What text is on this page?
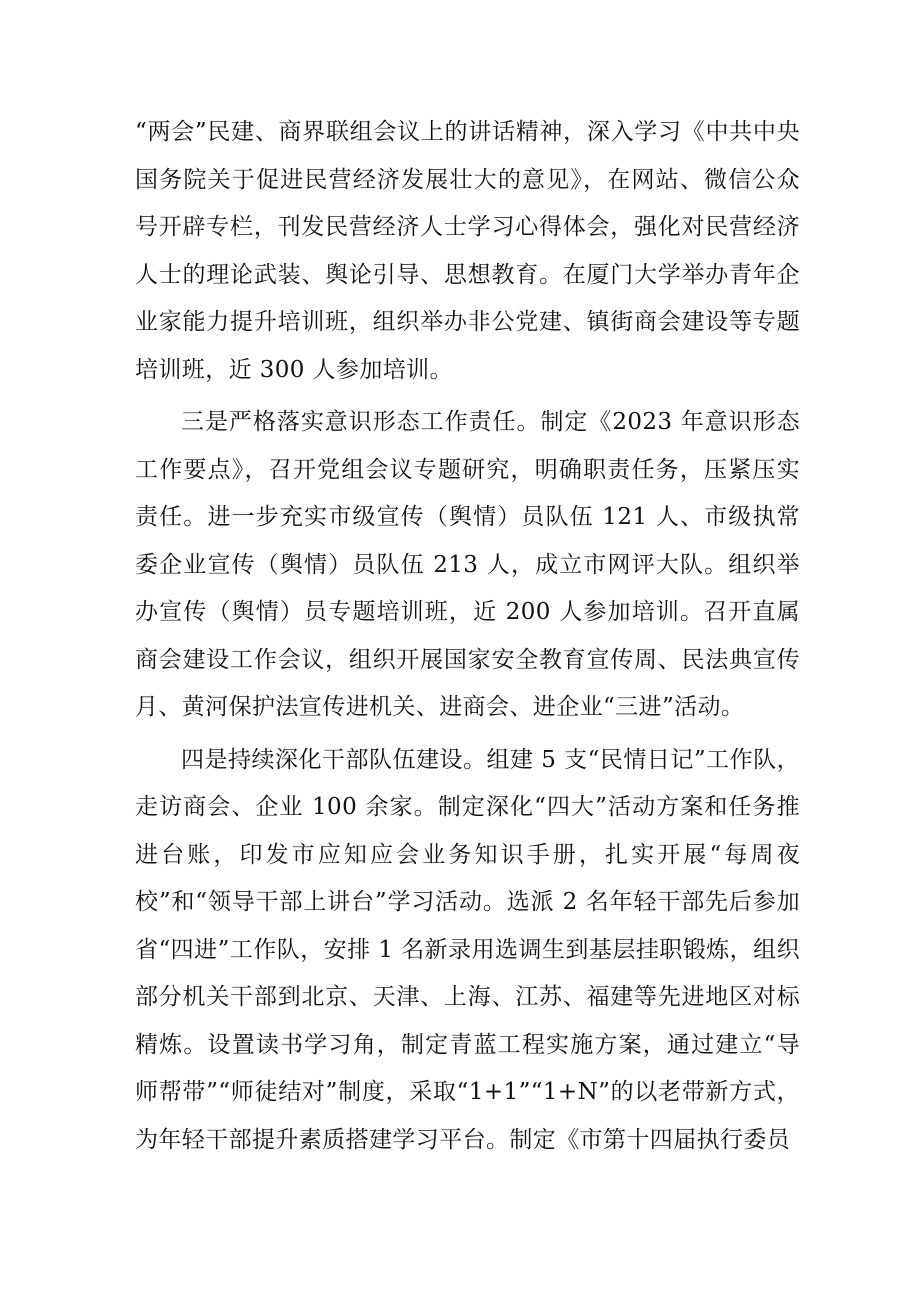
“两会”民建、商界联组会议上的讲话精神，深入学习《中共中央国务院关于促进民营经济发展壮大的意见》，在网站、微信公众号开辟专栏，刊发民营经济人士学习心得体会，强化对民营经济人士的理论武装、舆论引导、思想教育。在厦门大学举办青年企业家能力提升培训班，组织举办非公党建、镇街商会建设等专题培训班，近 300 人参加培训。

三是严格落实意识形态工作责任。制定《2023 年意识形态工作要点》，召开党组会议专题研究，明确职责任务，压紧压实责任。进一步充实市级宣传（舆情）员队伍 121 人、市级执常委企业宣传（舆情）员队伍 213 人，成立市网评大队。组织举办宣传（舆情）员专题培训班，近 200 人参加培训。召开直属商会建设工作会议，组织开展国家安全教育宣传周、民法典宣传月、黄河保护法宣传进机关、进商会、进企业“三进”活动。

四是持续深化干部队伍建设。组建 5 支“民情日记”工作队，走访商会、企业 100 余家。制定深化“四大”活动方案和任务推进台账，印发市应知应会业务知识手册，扎实开展“每周夜校”和“领导干部上讲台”学习活动。选派 2 名年轻干部先后参加省“四进”工作队，安排 1 名新录用选调生到基层挂职锻炼，组织部分机关干部到北京、天津、上海、江苏、福建等先进地区对标精炼。设置读书学习角，制定青蓝工程实施方案，通过建立“导师帮带”“师徒结对”制度，采取“1+1”“1+N”的以老带新方式，为年轻干部提升素质搭建学习平台。制定《市第十四届执行委员
